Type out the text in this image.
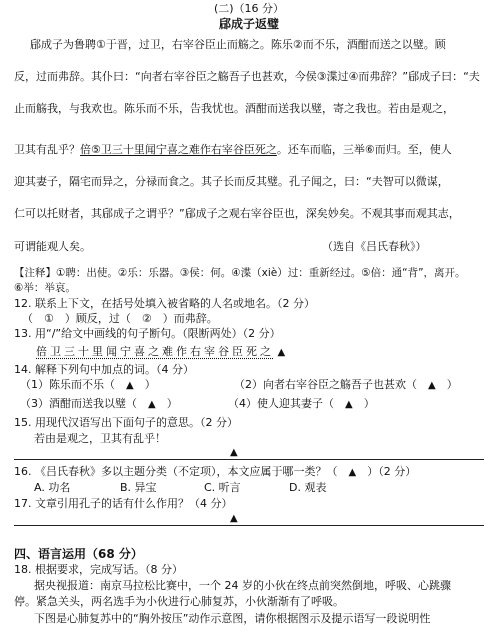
(二)（16 分）
郈成子返璧
郈成子为鲁聘①于晋，过卫，右宰谷臣止而觞之。陈乐②而不乐，酒酣而送之以璧。顾
反，过而弗辞。其仆曰：“向者右宰谷臣之觞吾子也甚欢，今侯③渫过④而弗辞？”郈成子曰：“夫
止而觞我，与我欢也。陈乐而不乐，告我忧也。酒酣而送我以璧，寄之我也。若由是观之，
卫其有乱乎？倍⑤卫三十里闻宁喜之难作右宰谷臣死之。还车而临，三举⑥而归。至，使人
迎其妻子，隔宅而异之，分禄而食之。其子长而反其璧。孔子闻之，曰：“夫智可以微谋，
仁可以托财者，其郈成子之谓乎？”郈成子之观右宰谷臣也，深矣妙矣。不观其事而观其志，
可谓能观人矣。	（选自《吕氏春秋》）
【注释】①聘：出使。②乐：乐器。③侯：何。④渫（xiè）过：重新经过。⑤倍：通“背”，离开。
⑥举：举哀。
12. 联系上下文，在括号处填入被省略的人名或地名。（2 分）
（　①　）顾反，过（　②　）而弗辞。
13. 用“/”给文中画线的句子断句。（限断两处）（2 分）
倍卫三十里闻宁喜之难作右宰谷臣死之 ▲
14. 解释下列句中加点的词。（4 分）
（1）陈乐而不乐（　 ▲　 ）	（2）向者右宰谷臣之觞吾子也甚欢（　 ▲　 ）
（3）酒酣而送我以璧（　 ▲　 ）	（4）使人迎其妻子（　 ▲　 ）
15. 用现代汉语写出下面句子的意思。（2 分）
若由是观之，卫其有乱乎！
▲
16. 《吕氏春秋》多以主题分类（不定项），本文应属于哪一类？（　 ▲　 ）（2 分）
A. 功名	B. 异宝	C. 听言	D. 观表
17. 文章引用孔子的话有什么作用？（4 分）
▲
四、语言运用（68 分）
18. 根据要求，完成写话。（8 分）
据央视报道：南京马拉松比赛中，一个 24 岁的小伙在终点前突然倒地，呼吸、心跳骤
停。紧急关头，两名选手为小伙进行心肺复苏，小伙渐渐有了呼吸。
下图是心肺复苏中的“胸外按压”动作示意图，请你根据图示及提示语写一段说明性
